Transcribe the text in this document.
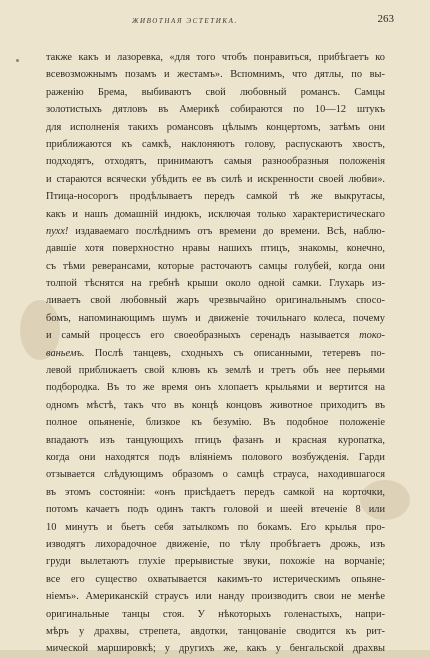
ЖИВОТНАЯ ЭСТЕТИКА.	263
также какъ и лазоревка, «для того чтобъ понравиться, прибѣгаетъ ко
всевозможнымъ позамъ и жестамъ». Вспомнимъ, что дятлы, по вы-
раженію Брема, выбиваютъ свой любовный романсъ. Самцы
золотистыхъ дятловъ въ Америкѣ собираются по 10—12 штукъ
для исполненія такихъ романсовъ цѣлымъ концертомъ, затѣмъ они
приближаются къ самкѣ, наклоняютъ голову, распускаютъ хвостъ,
подходятъ, отходятъ, принимаютъ самыя разнообразныя положенія
и стараются всячески убѣдить ее въ силѣ и искренности своей любви».
Птица-носорогъ продѣлываетъ передъ самкой тѣ же выкрутасы,
какъ и нашъ домашній индюкъ, исключая только характеристическаго
пухх! издаваемаго послѣднимъ отъ времени до времени. Всѣ, наблю-
давшіе хотя поверхностно нравы нашихъ птицъ, знакомы, конечно,
съ тѣми реверансами, которые расточаютъ самцы голубей, когда они
толпой тѣснятся на гребнѣ крыши около одной самки. Глухарь из-
ливаетъ свой любовный жаръ чрезвычайно оригинальнымъ спосо-
бомъ, напоминающимъ шумъ и движеніе точильнаго колеса, почему
и самый процессъ его своеобразныхъ серенадъ называется токо-
ваньемъ. Послѣ танцевъ, сходныхъ съ описанными, тетеревъ по-
левой приближаетъ свой клювъ къ землѣ и третъ объ нее перьями
подбородка. Въ то же время онъ хлопаетъ крыльями и вертится на
одномъ мѣстѣ, такъ что въ концѣ концовъ животное приходитъ въ
полное опьяненіе, близкое къ безумію. Въ подобное положеніе
впадаютъ изъ танцующихъ птицъ фазанъ и красная куропатка,
когда они находятся подъ вліяніемъ полового возбужденія. Гарди
отзывается слѣдующимъ образомъ о самцѣ страуса, находившагося
въ этомъ состояніи: «онъ присѣдаетъ передъ самкой на корточки,
потомъ качаетъ подъ одинъ тактъ головой и шеей втеченіе 8 или
10 минутъ и бьетъ себя затылкомъ по бокамъ. Его крылья про-
изводятъ лихорадочное движеніе, по тѣлу пробѣгаетъ дрожь, изъ
груди вылетаютъ глухіе прерывистые звуки, похожіе на ворчаніе;
все его существо охватывается какимъ-то истерическимъ опьяне-
ніемъ». Американскій страусъ или нанду производитъ свои не менѣе
оригинальные танцы стоя. У нѣкоторыхъ голенастыхъ, напри-
мѣръ у драхвы, стрепета, авдотки, танцованіе сводится къ рит-
мической маршировкѣ; у другихъ же, какъ у бенгальской драхвы
